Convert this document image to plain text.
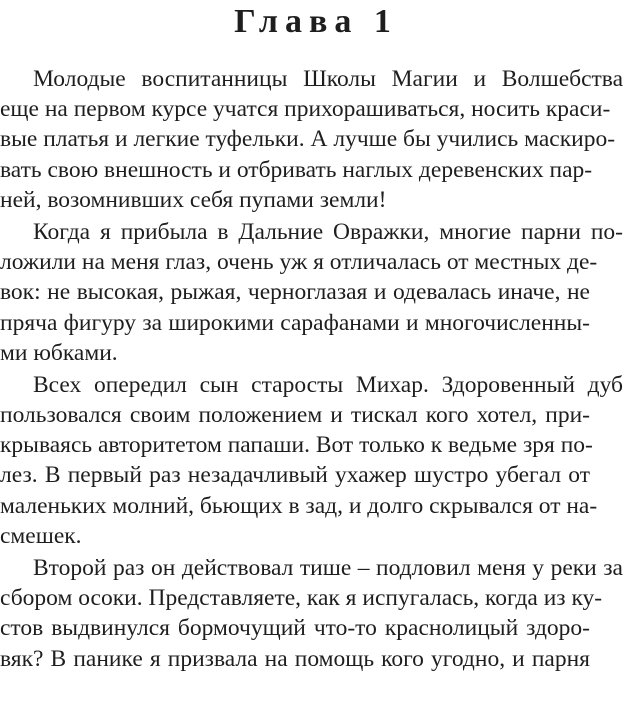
Глава 1
Молодые воспитанницы Школы Магии и Волшебства
еще на первом курсе учатся прихорашиваться, носить краси-
вые платья и легкие туфельки. А лучше бы учились маскиро-
вать свою внешность и отбривать наглых деревенских пар-
ней, возомнивших себя пупами земли!
Когда я прибыла в Дальние Овражки, многие парни по-
ложили на меня глаз, очень уж я отличалась от местных де-
вок: не высокая, рыжая, черноглазая и одевалась иначе, не
пряча фигуру за широкими сарафанами и многочисленны-
ми юбками.
Всех опередил сын старосты Михар. Здоровенный дуб
пользовался своим положением и тискал кого хотел, при-
крываясь авторитетом папаши. Вот только к ведьме зря по-
лез. В первый раз незадачливый ухажер шустро убегал от
маленьких молний, бьющих в зад, и долго скрывался от на-
смешек.
Второй раз он действовал тише – подловил меня у реки за
сбором осоки. Представляете, как я испугалась, когда из ку-
стов выдвинулся бормочущий что-то краснолицый здоро-
вяк? В панике я призвала на помощь кого угодно, и парня
